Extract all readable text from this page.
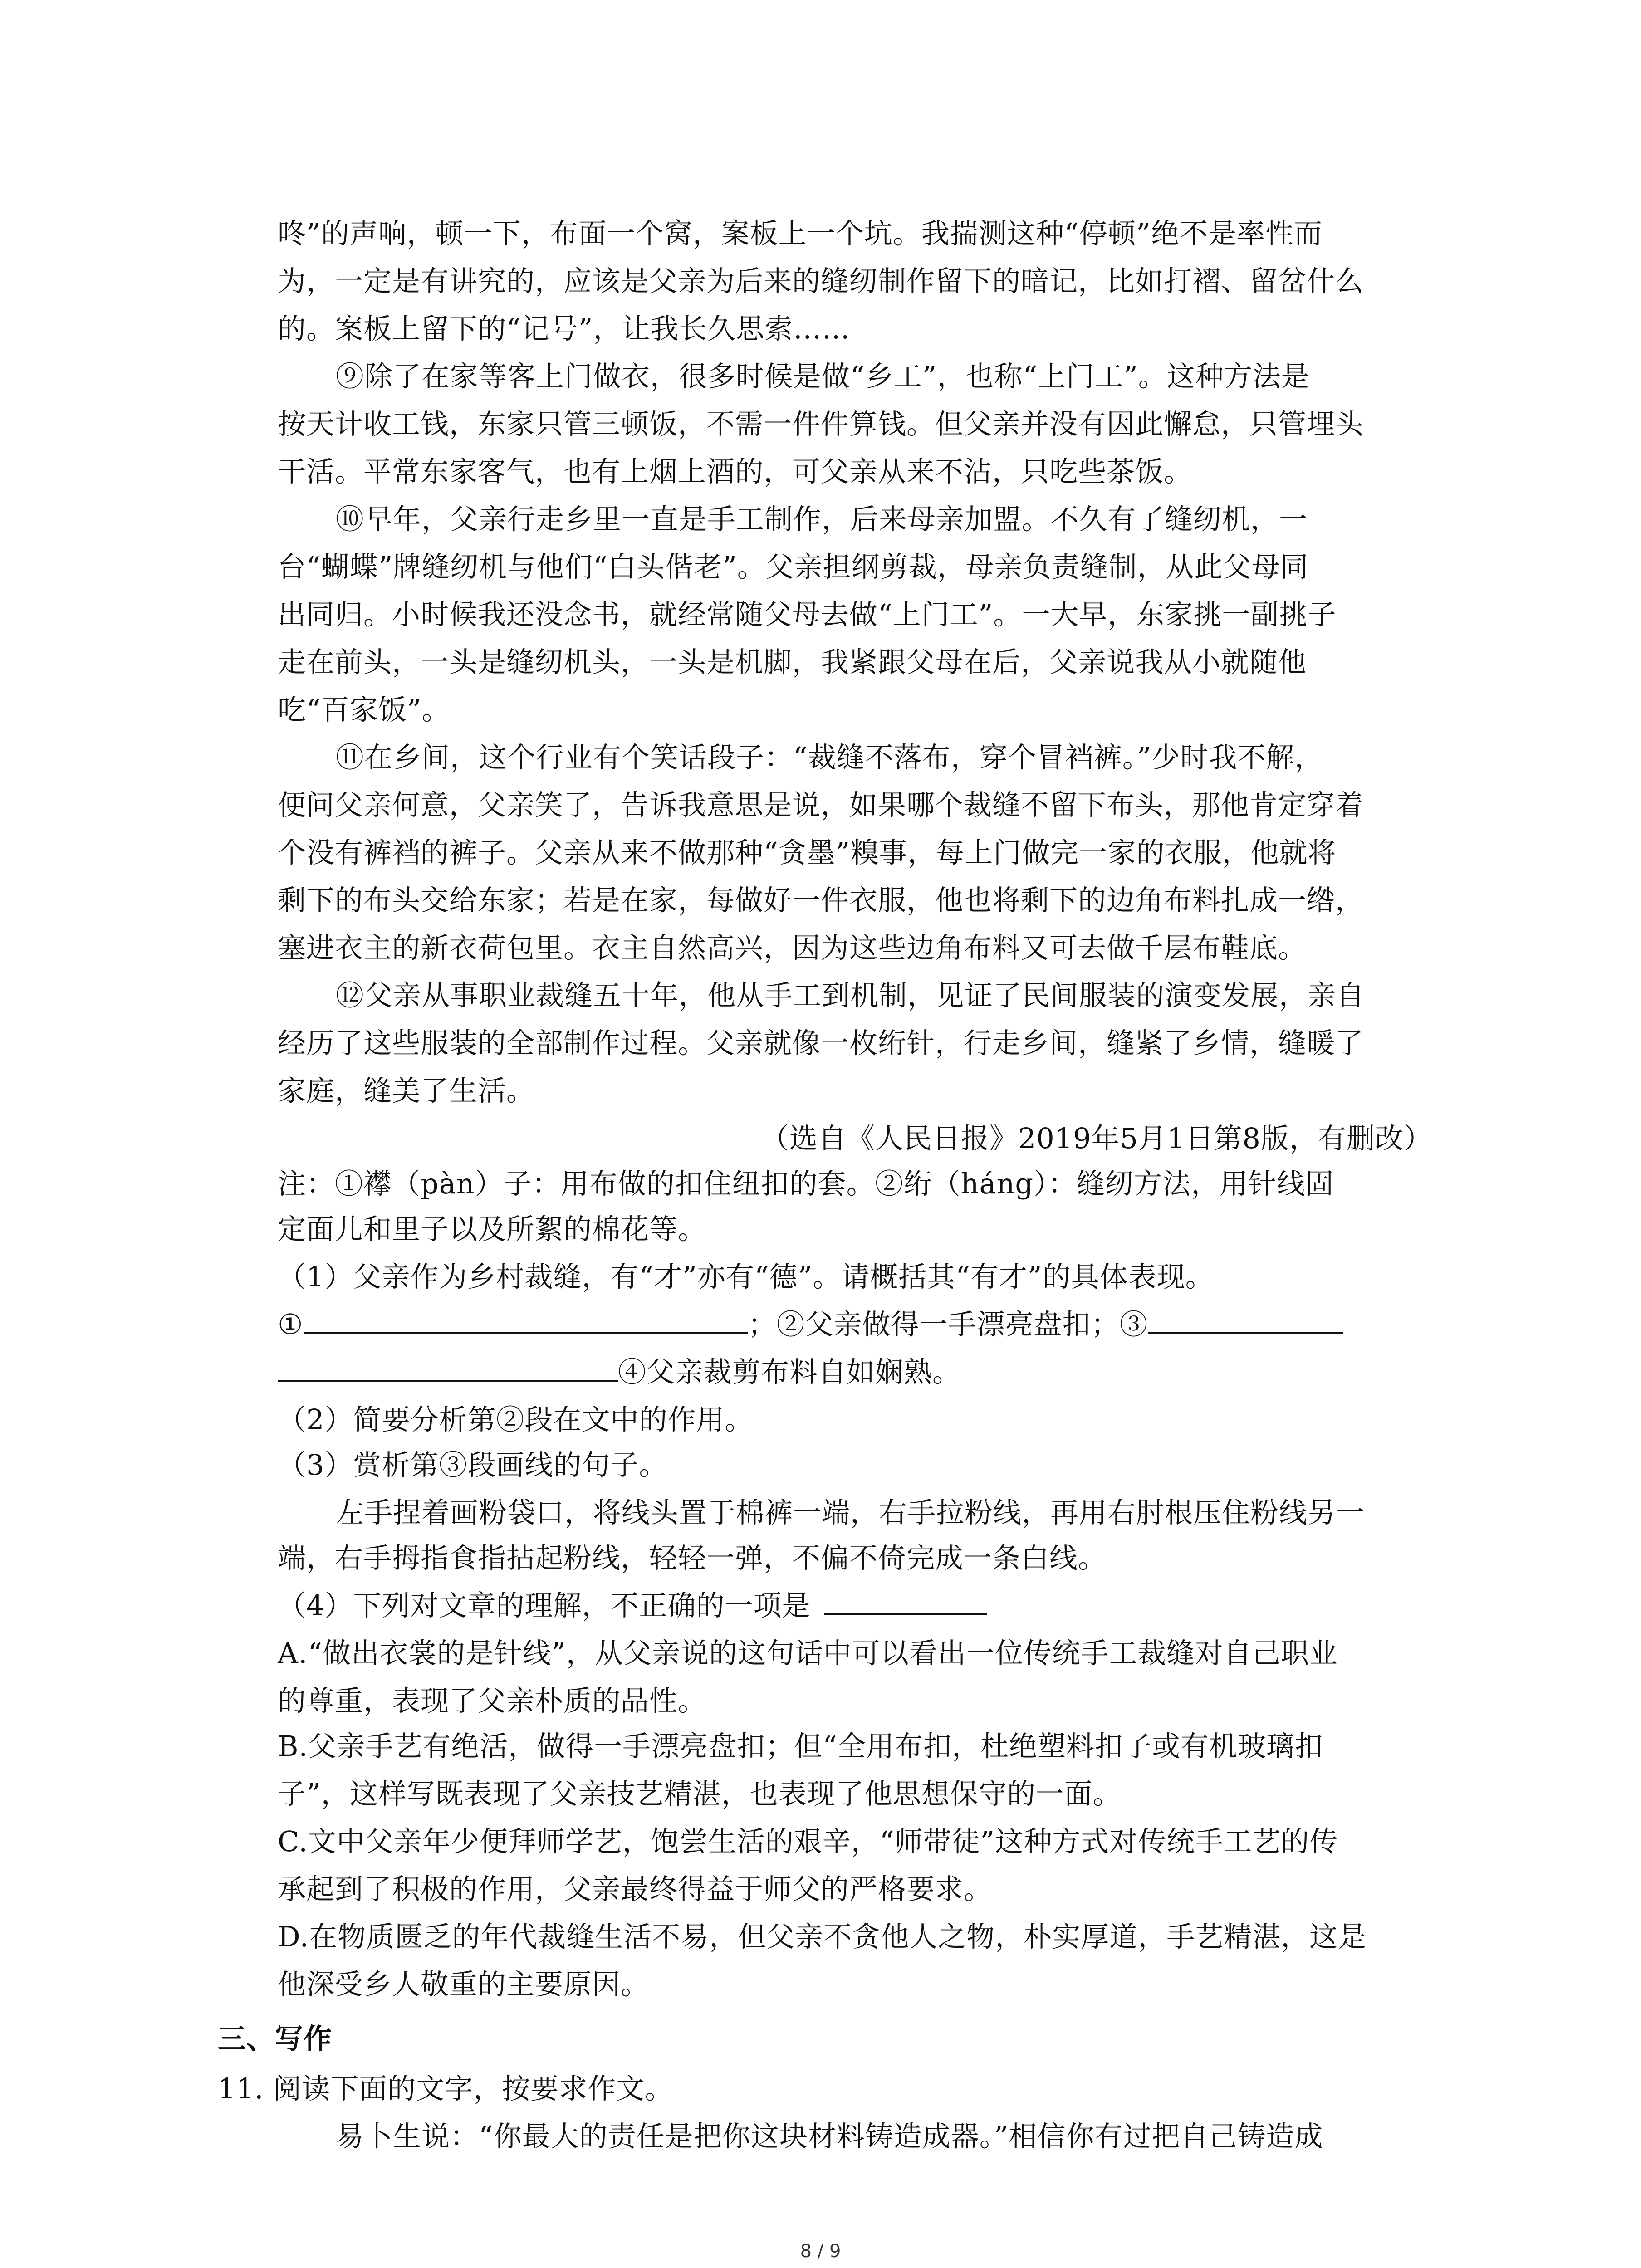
咚”的声响，顿一下，布面一个窝，案板上一个坑。我揣测这种“停顿”绝不是率性而

为，一定是有讲究的，应该是父亲为后来的缝纫制作留下的暗记，比如打褶、留岔什么

的。案板上留下的“记号”，让我长久思索……

⑨除了在家等客上门做衣，很多时候是做“乡工”，也称“上门工”。这种方法是

按天计收工钱，东家只管三顿饭，不需一件件算钱。但父亲并没有因此懈怠，只管埋头

干活。平常东家客气，也有上烟上酒的，可父亲从来不沾，只吃些茶饭。

⑩早年，父亲行走乡里一直是手工制作，后来母亲加盟。不久有了缝纫机，一

台“蝴蝶”牌缝纫机与他们“白头偕老”。父亲担纲剪裁，母亲负责缝制，从此父母同

出同归。小时候我还没念书，就经常随父母去做“上门工”。一大早，东家挑一副挑子

走在前头，一头是缝纫机头，一头是机脚，我紧跟父母在后，父亲说我从小就随他

吃“百家饭”。

⑪在乡间，这个行业有个笑话段子：“裁缝不落布，穿个冒裆裤。”少时我不解，

便问父亲何意，父亲笑了，告诉我意思是说，如果哪个裁缝不留下布头，那他肯定穿着

个没有裤裆的裤子。父亲从来不做那种“贪墨”糗事，每上门做完一家的衣服，他就将

剩下的布头交给东家；若是在家，每做好一件衣服，他也将剩下的边角布料扎成一绺，

塞进衣主的新衣荷包里。衣主自然高兴，因为这些边角布料又可去做千层布鞋底。

⑫父亲从事职业裁缝五十年，他从手工到机制，见证了民间服装的演变发展，亲自

经历了这些服装的全部制作过程。父亲就像一枚绗针，行走乡间，缝紧了乡情，缝暖了

家庭，缝美了生活。

（选自《人民日报》2019年5月1日第8版，有删改）

注：①襻（pàn）子：用布做的扣住纽扣的套。②绗（háng）：缝纫方法，用针线固

定面儿和里子以及所絮的棉花等。

（1）父亲作为乡村裁缝，有“才”亦有“德”。请概括其“有才”的具体表现。

①	；②父亲做得一手漂亮盘扣；③

④父亲裁剪布料自如娴熟。

（2）简要分析第②段在文中的作用。

（3）赏析第③段画线的句子。

左手捏着画粉袋口，将线头置于棉裤一端，右手拉粉线，再用右肘根压住粉线另一

端，右手拇指食指拈起粉线，轻轻一弹，不偏不倚完成一条白线。

（4）下列对文章的理解，不正确的一项是

A.“做出衣裳的是针线”，从父亲说的这句话中可以看出一位传统手工裁缝对自己职业

的尊重，表现了父亲朴质的品性。

B.父亲手艺有绝活，做得一手漂亮盘扣；但“全用布扣，杜绝塑料扣子或有机玻璃扣

子”，这样写既表现了父亲技艺精湛，也表现了他思想保守的一面。

C.文中父亲年少便拜师学艺，饱尝生活的艰辛，“师带徒”这种方式对传统手工艺的传

承起到了积极的作用，父亲最终得益于师父的严格要求。

D.在物质匮乏的年代裁缝生活不易，但父亲不贪他人之物，朴实厚道，手艺精湛，这是

他深受乡人敬重的主要原因。

三、写作

11. 阅读下面的文字，按要求作文。

易卜生说：“你最大的责任是把你这块材料铸造成器。”相信你有过把自己铸造成

8 / 9
